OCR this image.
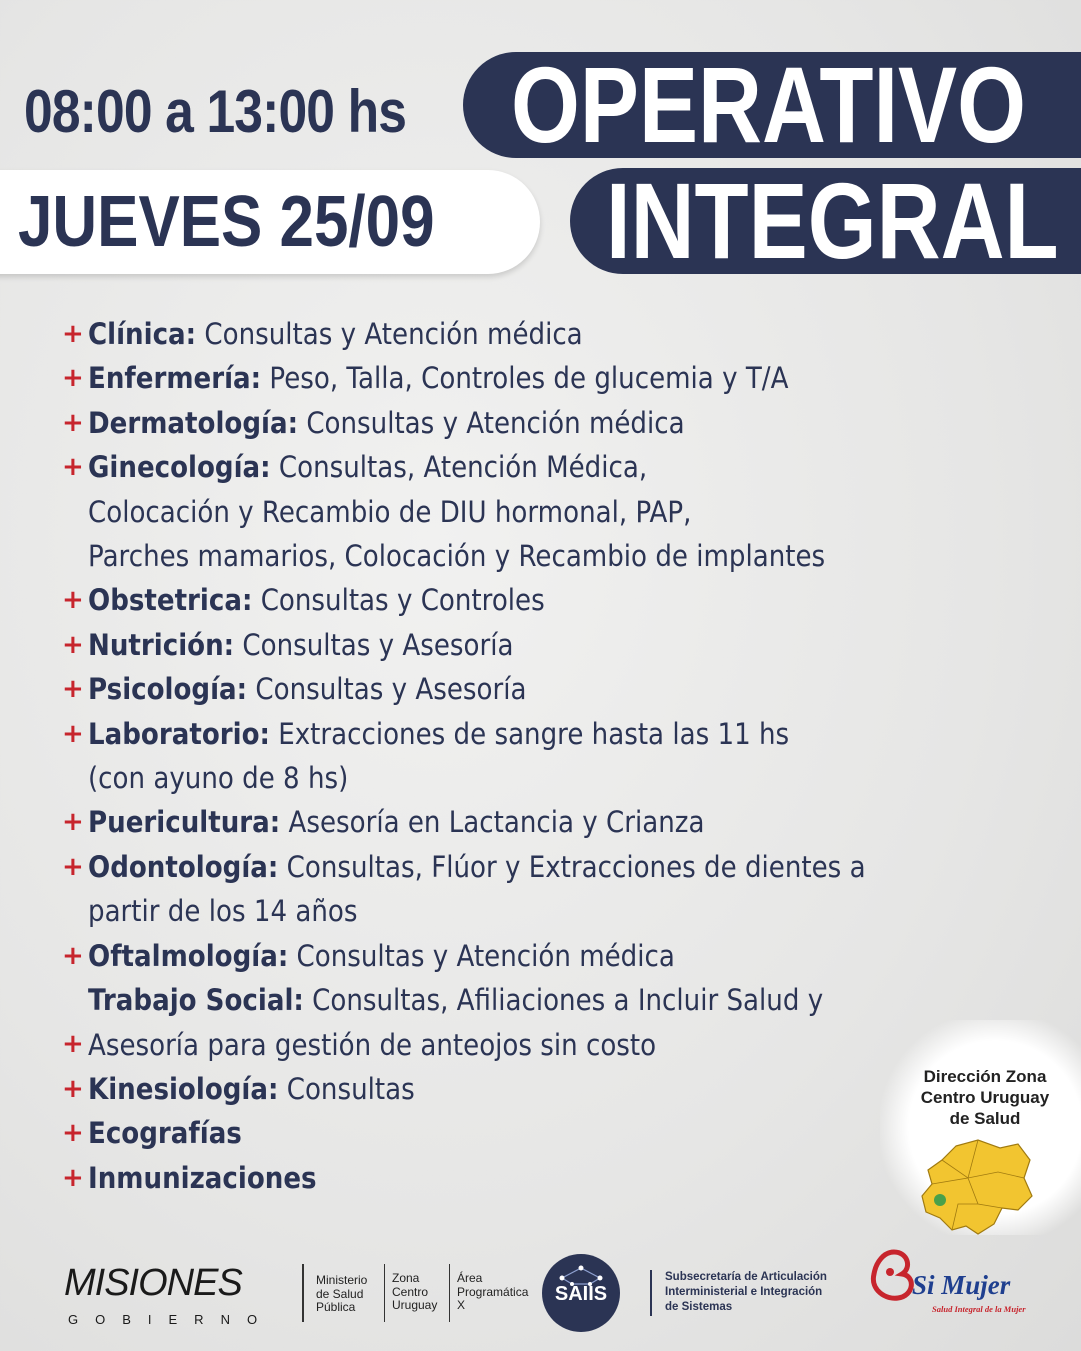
08:00 a 13:00 hs OPERATIVO
JUEVES 25/09 INTEGRAL
+ Clínica: Consultas y Atención médica
+ Enfermería: Peso, Talla, Controles de glucemia y T/A
+ Dermatología: Consultas y Atención médica
+ Ginecología: Consultas, Atención Médica,
Colocación y Recambio de DIU hormonal, PAP,
Parches mamarios, Colocación y Recambio de implantes
+ Obstetrica: Consultas y Controles
+ Nutrición: Consultas y Asesoría
+ Psicología: Consultas y Asesoría
+ Laboratorio: Extracciones de sangre hasta las 11 hs
(con ayuno de 8 hs)
+ Puericultura: Asesoría en Lactancia y Crianza
+ Odontología: Consultas, Flúor y Extracciones de dientes a
partir de los 14 años
+ Oftalmología: Consultas y Atención médica
Trabajo Social: Consultas, Afiliaciones a Incluir Salud y
Asesoría para gestión de anteojos sin costo
+ Kinesiología: Consultas
+ Ecografías
+ Inmunizaciones
+
Dirección Zona
Centro Uruguay
de Salud
MISIONES
GOBIERNO
Ministerio
de Salud
Pública
Zona
Centro
Uruguay
Área
Programática
X	SAIIS
Subsecretaría de Articulación
Interministerial e Integración
de Sistemas
Si Mujer
Salud Integral de la Mujer
